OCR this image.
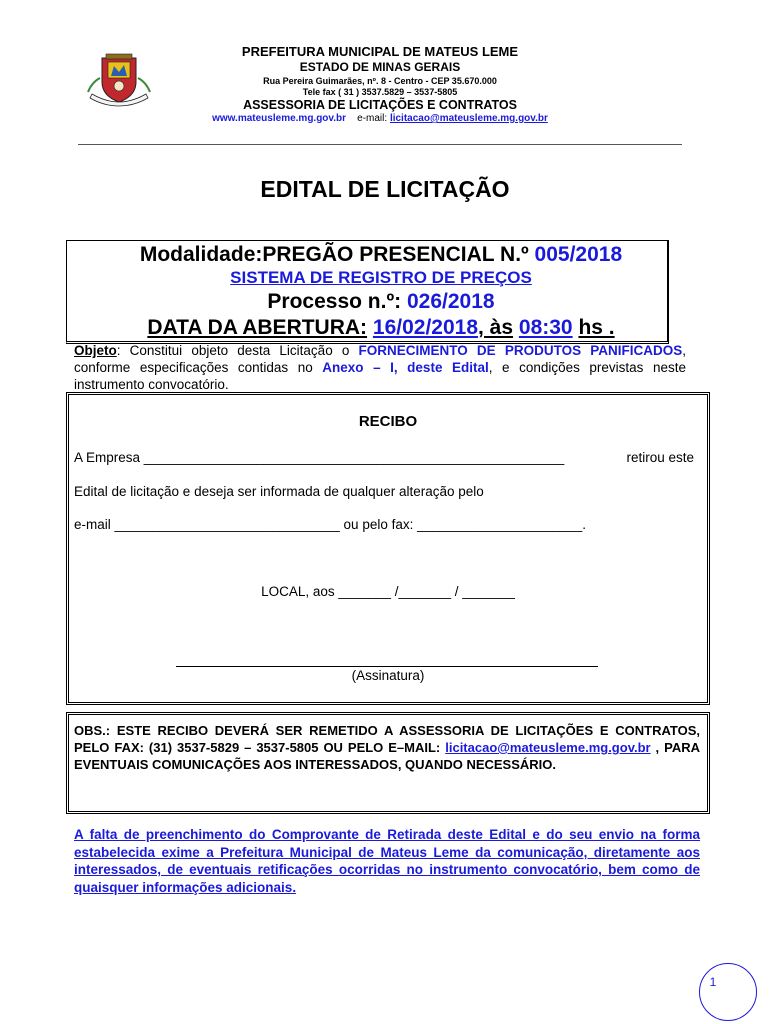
PREFEITURA MUNICIPAL DE MATEUS LEME
ESTADO DE MINAS GERAIS
Rua Pereira Guimarães, nº. 8 - Centro - CEP 35.670.000
Tele fax ( 31 ) 3537.5829 – 3537-5805
ASSESSORIA DE LICITAÇÕES E CONTRATOS
www.mateusleme.mg.gov.br e-mail: licitacao@mateusleme.mg.gov.br
EDITAL DE LICITAÇÃO
Modalidade:PREGÃO PRESENCIAL N.º 005/2018
SISTEMA DE REGISTRO DE PREÇOS
Processo n.º: 026/2018
DATA DA ABERTURA: 16/02/2018, às 08:30 hs .
Objeto: Constitui objeto desta Licitação o FORNECIMENTO DE PRODUTOS PANIFICADOS, conforme especificações contidas no Anexo – I, deste Edital, e condições previstas neste instrumento convocatório.
RECIBO
A Empresa ________________________________________________________	retirou este
Edital de licitação e deseja ser informada de qualquer alteração pelo
e-mail ______________________________ ou pelo fax: ______________________.
LOCAL, aos _______ /_______ / _______
(Assinatura)
OBS.: ESTE RECIBO DEVERÁ SER REMETIDO A ASSESSORIA DE LICITAÇÕES E CONTRATOS, PELO FAX: (31) 3537-5829 – 3537-5805 OU PELO E–MAIL: licitacao@mateusleme.mg.gov.br , PARA EVENTUAIS COMUNICAÇÕES AOS INTERESSADOS, QUANDO NECESSÁRIO.
A falta de preenchimento do Comprovante de Retirada deste Edital e do seu envio na forma estabelecida exime a Prefeitura Municipal de Mateus Leme da comunicação, diretamente aos interessados, de eventuais retificações ocorridas no instrumento convocatório, bem como de quaisquer informações adicionais.
1
